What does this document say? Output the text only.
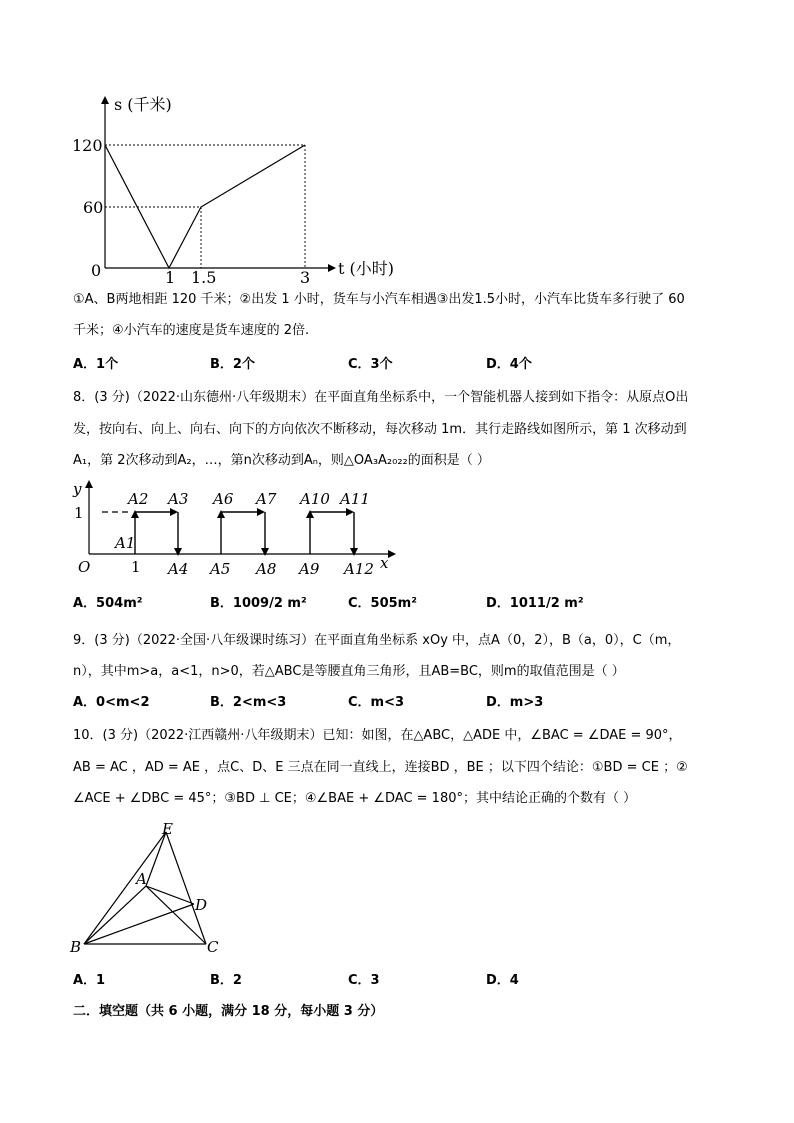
s (千米)
t (小时)
120
60
0	1 1.5	3
①A、B两地相距 120 千米；②出发 1 小时，货车与小汽车相遇③出发1.5小时，小汽车比货车多行驶了 60
千米；④小汽车的速度是货车速度的 2倍.
A．1个	B．2个	C．3个	D．4个
8．(3 分)（2022·山东德州·八年级期末）在平面直角坐标系中，一个智能机器人接到如下指令：从原点O出
发，按向右、向上、向右、向下的方向依次不断移动，每次移动 1m．其行走路线如图所示，第 1 次移动到
A₁，第 2次移动到A₂，…，第n次移动到Aₙ，则△OA₃A₂₀₂₂的面积是（ ）
y
x
O
1
1
A1
A2 A3 A6 A7 A10 A11
A4 A5 A8 A9 A12
A．504m²	B．1009/2 m²	C．505m²	D．1011/2 m²
9．(3 分)（2022·全国·八年级课时练习）在平面直角坐标系 xOy 中，点A（0，2），B（a，0），C（m，
n），其中m>a，a<1，n>0，若△ABC是等腰直角三角形，且AB=BC，则m的取值范围是（ ）
A．0<m<2	B．2<m<3	C．m<3	D．m>3
10．(3 分)（2022·江西赣州·八年级期末）已知：如图，在△ABC，△ADE 中，∠BAC = ∠DAE = 90°，
AB = AC ，AD = AE ，点C、D、E 三点在同一直线上，连接BD ，BE ；以下四个结论：①BD = CE ；②
∠ACE + ∠DBC = 45°；③BD ⊥ CE；④∠BAE + ∠DAC = 180°；其中结论正确的个数有（ ）
E
A
D
B	C
A．1	B．2	C．3	D．4
二．填空题（共 6 小题，满分 18 分，每小题 3 分）
